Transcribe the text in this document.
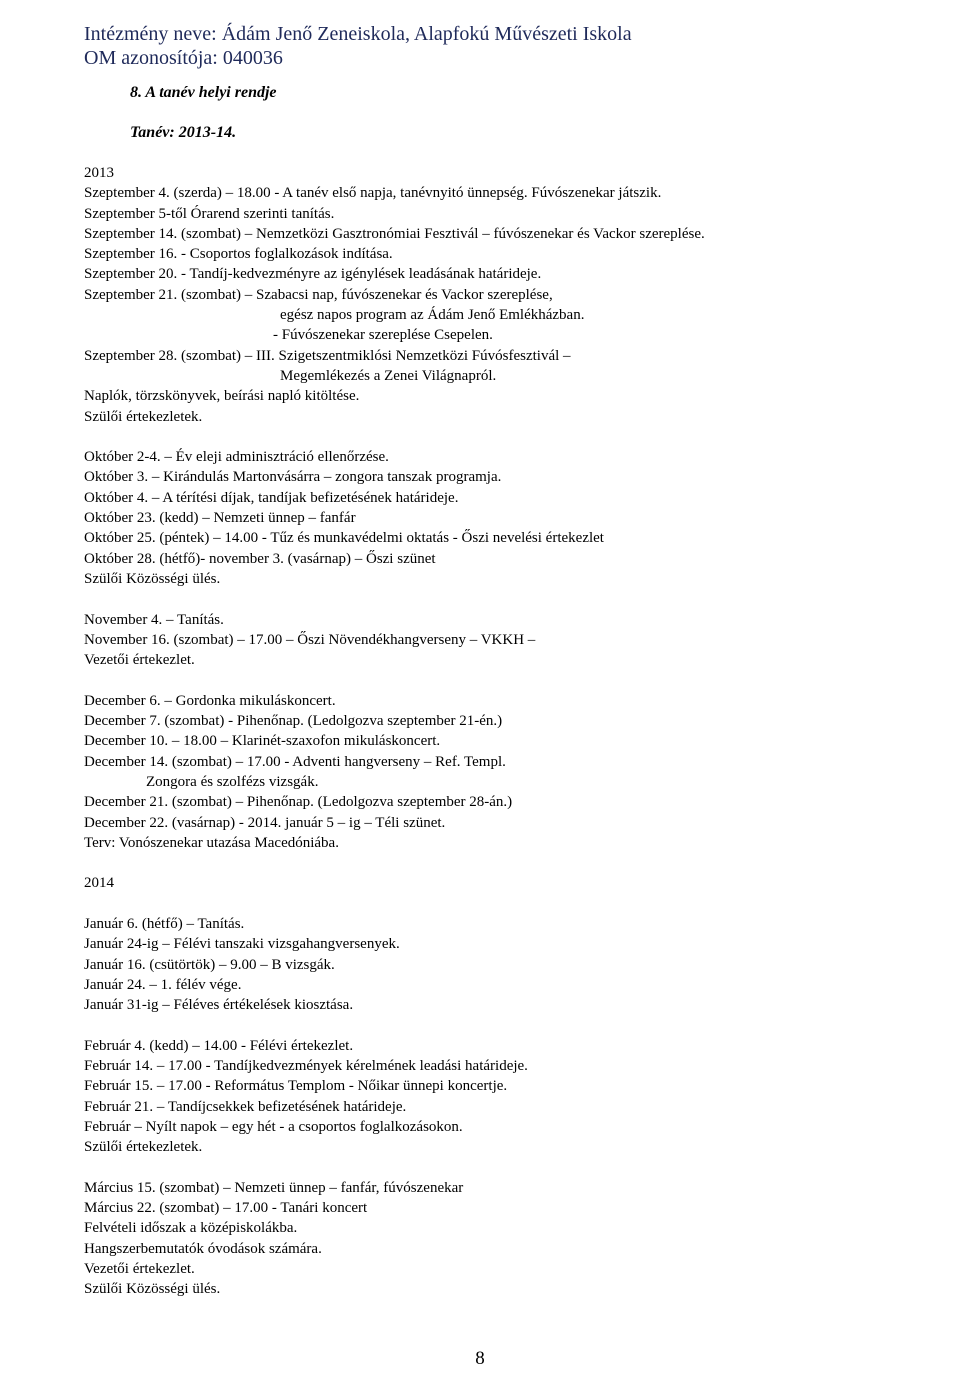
Intézmény neve: Ádám Jenő Zeneiskola, Alapfokú Művészeti Iskola
OM azonosítója: 040036
8. A tanév helyi rendje
Tanév: 2013-14.
2013
Szeptember 4. (szerda) – 18.00 - A tanév első napja, tanévnyitó ünnepség. Fúvószenekar játszik.
Szeptember 5-től Órarend szerinti tanítás.
Szeptember 14. (szombat) – Nemzetközi Gasztronómiai Fesztivál – fúvószenekar és Vackor szereplése.
Szeptember 16. - Csoportos foglalkozások indítása.
Szeptember 20. - Tandíj-kedvezményre az igénylések leadásának határideje.
Szeptember 21. (szombat) – Szabacsi nap, fúvószenekar és Vackor szereplése,
egész napos program az Ádám Jenő Emlékházban.
- Fúvószenekar szereplése Csepelen.
Szeptember 28. (szombat) – III. Szigetszentmiklósi Nemzetközi Fúvósfesztivál –
Megemlékezés a Zenei Világnapról.
Naplók, törzskönyvek, beírási napló kitöltése.
Szülői értekezletek.
Október 2-4. – Év eleji adminisztráció ellenőrzése.
Október 3. – Kirándulás Martonvásárra – zongora tanszak programja.
Október 4. – A térítési díjak, tandíjak befizetésének határideje.
Október 23. (kedd) – Nemzeti ünnep – fanfár
Október 25. (péntek) – 14.00 - Tűz és munkavédelmi oktatás - Őszi nevelési értekezlet
Október 28. (hétfő)- november 3. (vasárnap) – Őszi szünet
Szülői Közösségi ülés.
November 4. – Tanítás.
November 16. (szombat) – 17.00 – Őszi Növendékhangverseny – VKKH –
Vezetői értekezlet.
December 6. – Gordonka mikuláskoncert.
December 7. (szombat) - Pihenőnap. (Ledolgozva szeptember 21-én.)
December 10. – 18.00 – Klarinét-szaxofon mikuláskoncert.
December 14. (szombat) – 17.00 - Adventi hangverseny – Ref. Templ.
Zongora és szolfézs vizsgák.
December 21. (szombat) – Pihenőnap. (Ledolgozva szeptember 28-án.)
December 22. (vasárnap) - 2014. január 5 – ig – Téli szünet.
Terv: Vonószenekar utazása Macedóniába.
2014
Január 6. (hétfő) – Tanítás.
Január 24-ig – Félévi tanszaki vizsgahangversenyek.
Január 16. (csütörtök) – 9.00 – B vizsgák.
Január 24. – 1. félév vége.
Január 31-ig – Féléves értékelések kiosztása.
Február 4. (kedd) – 14.00 - Félévi értekezlet.
Február 14. – 17.00 - Tandíjkedvezmények kérelmének leadási határideje.
Február 15. – 17.00 - Református Templom - Nőikar ünnepi koncertje.
Február 21. – Tandíjcsekkek befizetésének határideje.
Február – Nyílt napok – egy hét - a csoportos foglalkozásokon.
Szülői értekezletek.
Március 15. (szombat) – Nemzeti ünnep – fanfár, fúvószenekar
Március 22. (szombat) – 17.00 - Tanári koncert
Felvételi időszak a középiskolákba.
Hangszerbemutatók óvodások számára.
Vezetői értekezlet.
Szülői Közösségi ülés.
8
